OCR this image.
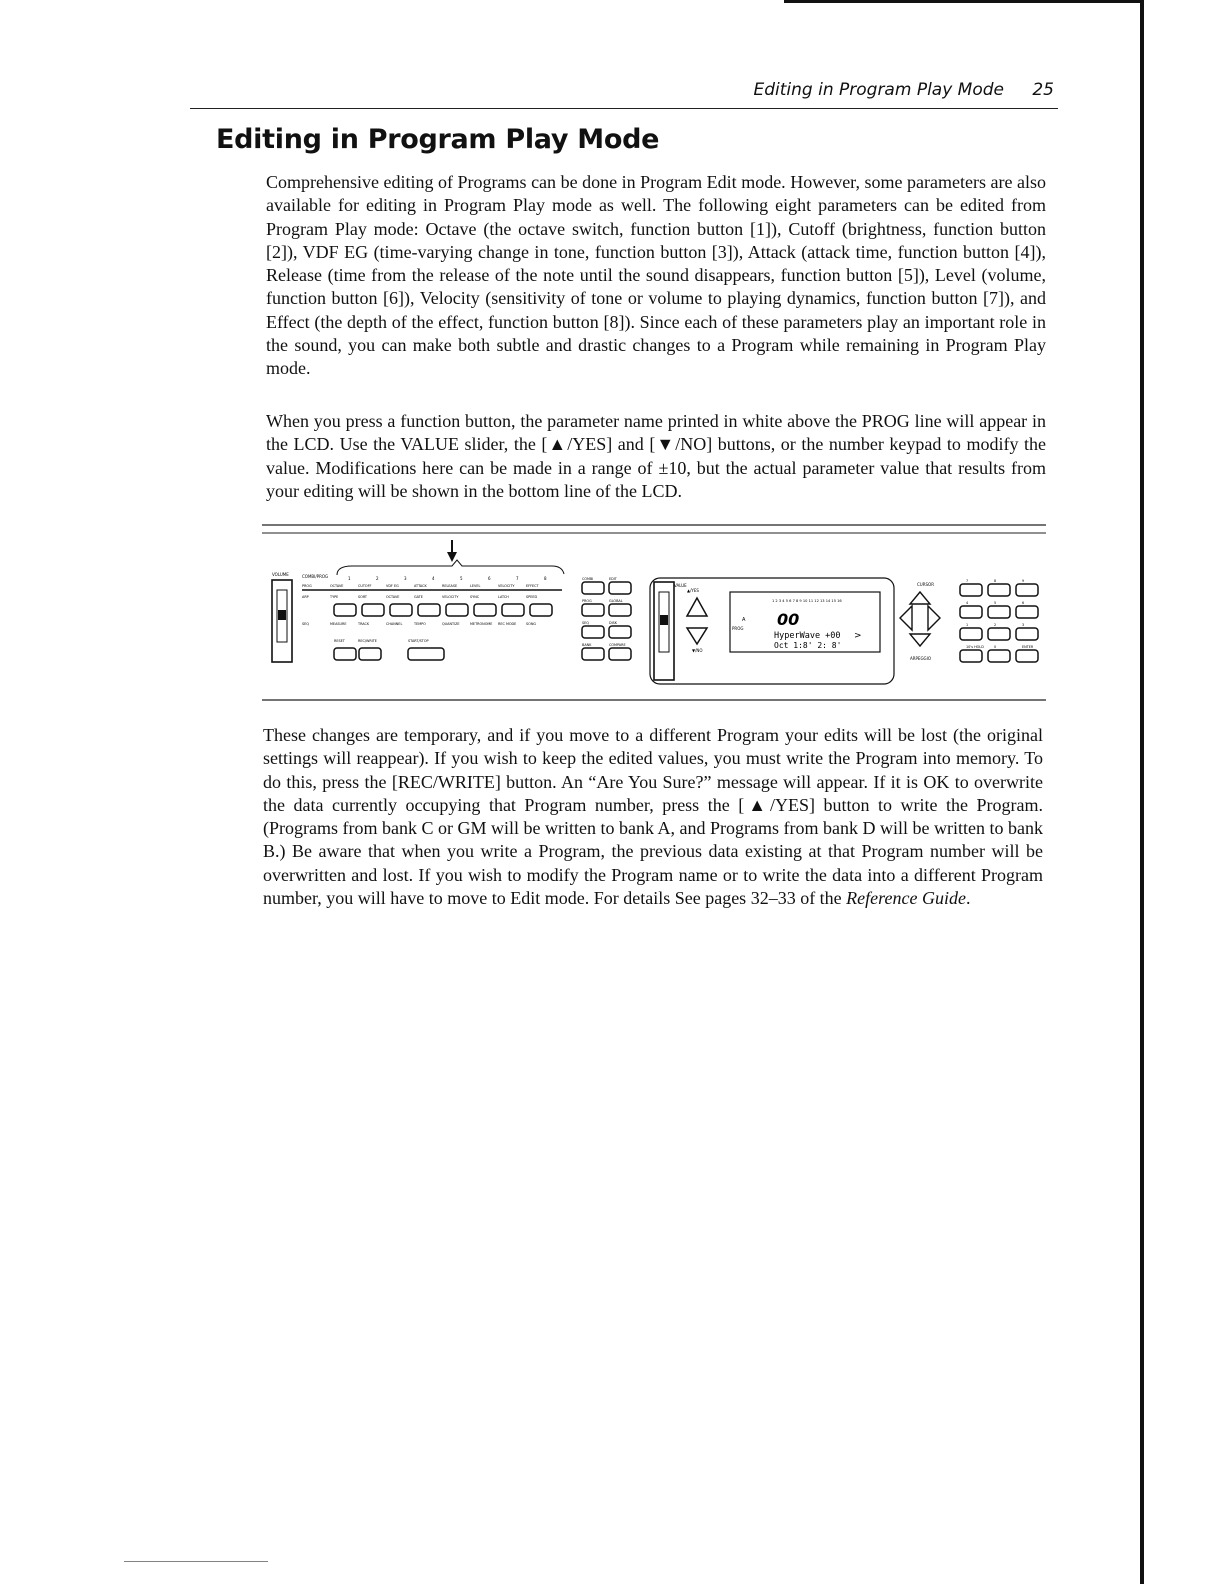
Editing in Program Play Mode 25
Editing in Program Play Mode

Comprehensive editing of Programs can be done in Program Edit mode. However, some parameters are also available for editing in Program Play mode as well. The following eight parameters can be edited from Program Play mode: Octave (the octave switch, function button [1]), Cutoff (brightness, function button [2]), VDF EG (time-varying change in tone, function button [3]), Attack (attack time, function button [4]), Release (time from the release of the note until the sound disappears, function button [5]), Level (volume, function button [6]), Velocity (sensitivity of tone or volume to playing dynamics, function button [7]), and Effect (the depth of the effect, function button [8]). Since each of these parameters play an important role in the sound, you can make both subtle and drastic changes to a Program while remaining in Program Play mode.

When you press a function button, the parameter name printed in white above the PROG line will appear in the LCD. Use the VALUE slider, the [▲/YES] and [▼/NO] buttons, or the number keypad to modify the value. Modifications here can be made in a range of ±10, but the actual parameter value that results from your editing will be shown in the bottom line of the LCD.

VOLUME	COMBI/PROG	1	2	3	4	5	6	7	8
PROG	OCTAVE	CUTOFF	VDF EG	ATTACK	RELEASE	LEVEL	VELOCITY	EFFECT
ARP	TYPE	SORT	OCTAVE	GATE	VELOCITY	SYNC	LATCH	SPEED
SEQ	MEASURE	TRACK	CHANNEL	TEMPO	QUANTIZE	METRONOME REC MODE	SONG
RESET	REC/WRITE	START/STOP
COMBI	EDIT
PROG	GLOBAL
SEQ	DISK
BANK	COMPARE
VALUE
▲/YES
▼/NO
1 2 3 4 5 6 7 8 9 10 11 12 13 14 15 16
A
PROG 00
HyperWave +00
Oct 1:8' 2: 8'
>
CURSOR
ARPEGGIO
7	8	9
4	5	6
1	2	3
10's HOLD	0	ENTER

These changes are temporary, and if you move to a different Program your edits will be lost (the original settings will reappear). If you wish to keep the edited values, you must write the Program into memory. To do this, press the [REC/WRITE] button. An “Are You Sure?” message will appear. If it is OK to overwrite the data currently occupying that Program number, press the [▲/YES] button to write the Program. (Programs from bank C or GM will be written to bank A, and Programs from bank D will be written to bank B.) Be aware that when you write a Program, the previous data existing at that Program number will be overwritten and lost. If you wish to modify the Program name or to write the data into a different Program number, you will have to move to Edit mode. For details See pages 32–33 of the Reference Guide.
